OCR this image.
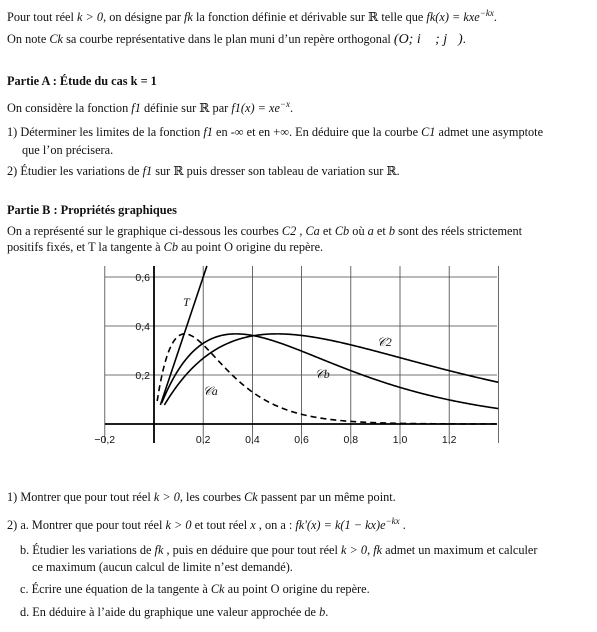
Pour tout réel k > 0, on désigne par fk la fonction définie et dérivable sur ℝ telle que fk(x) = kxe$^{-kx}$.
On note Ck sa courbe représentative dans le plan muni d’un repère orthogonal (O; i⃗ ; j⃗).
Partie A : Étude du cas k = 1
On considère la fonction f1 définie sur ℝ par $f1(x) = xe^{-x}$.
1) Déterminer les limites de la fonction f1 en -∞ et en +∞. En déduire que la courbe C1 admet une asymptote
que l’on précisera.
2) Étudier les variations de f1 sur ℝ puis dresser son tableau de variation sur ℝ.
Partie B : Propriétés graphiques
On a représenté sur le graphique ci-dessous les courbes C2 , Ca et Cb où a et b sont des réels strictement
positifs fixés, et T la tangente à Cb au point O origine du repère.
0,6
0,4
0,2
−0,2	0,2	0,4	0,6	0,8	1,0	1,2
T
𝒞2
𝒞a
𝒞b
1) Montrer que pour tout réel k > 0, les courbes Ck passent par un même point.
2) a. Montrer que pour tout réel k > 0 et tout réel x , on a : $fk'(x) = k(1 - kx)e^{-kx}$ .
b. Étudier les variations de fk , puis en déduire que pour tout réel k > 0, fk admet un maximum et calculer
ce maximum (aucun calcul de limite n’est demandé).
c. Écrire une équation de la tangente à Ck au point O origine du repère.
d. En déduire à l’aide du graphique une valeur approchée de b.
